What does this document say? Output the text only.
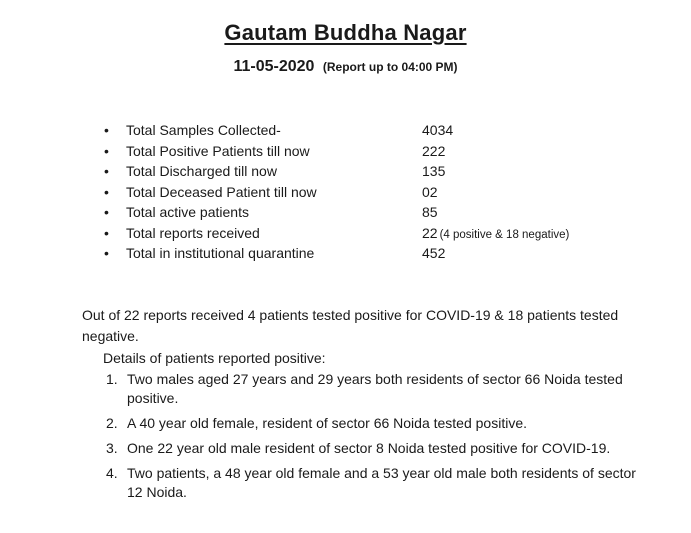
Gautam Buddha Nagar
11-05-2020 (Report up to 04:00 PM)
• Total Samples Collected-	4034
• Total Positive Patients till now	222
• Total Discharged till now	135
• Total Deceased Patient till now	02
• Total active patients	85
• Total reports received	22 (4 positive & 18 negative)
• Total in institutional quarantine	452

Out of 22 reports received 4 patients tested positive for COVID-19 & 18 patients tested negative.

Details of patients reported positive:
1. Two males aged 27 years and 29 years both residents of sector 66 Noida tested positive.
2. A 40 year old female, resident of sector 66 Noida tested positive.
3. One 22 year old male resident of sector 8 Noida tested positive for COVID-19.
4. Two patients, a 48 year old female and a 53 year old male both residents of sector 12 Noida.
